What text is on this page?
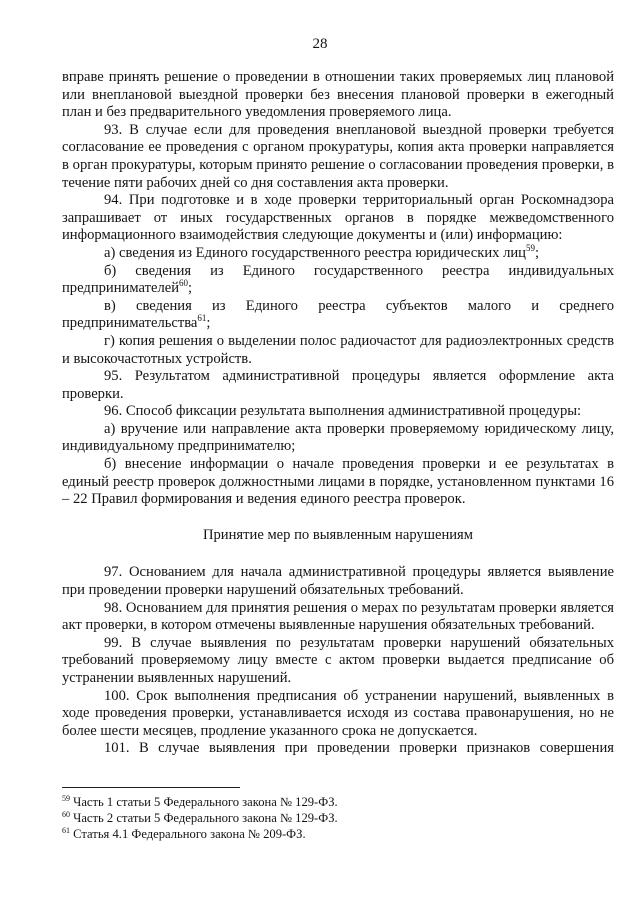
28

вправе принять решение о проведении в отношении таких проверяемых лиц плановой или внеплановой выездной проверки без внесения плановой проверки в ежегодный план и без предварительного уведомления проверяемого лица.

93. В случае если для проведения внеплановой выездной проверки требуется согласование ее проведения с органом прокуратуры, копия акта проверки направляется в орган прокуратуры, которым принято решение о согласовании проведения проверки, в течение пяти рабочих дней со дня составления акта проверки.

94. При подготовке и в ходе проверки территориальный орган Роскомнадзора запрашивает от иных государственных органов в порядке межведомственного информационного взаимодействия следующие документы и (или) информацию:

а) сведения из Единого государственного реестра юридических лиц$^{59}$;

б) сведения из Единого государственного реестра индивидуальных

предпринимателей$^{60}$;

в) сведения из Единого реестра субъектов малого и среднего

предпринимательства$^{61}$;

г) копия решения о выделении полос радиочастот для радиоэлектронных средств и высокочастотных устройств.

95. Результатом административной процедуры является оформление акта проверки.

96. Способ фиксации результата выполнения административной процедуры:

а) вручение или направление акта проверки проверяемому юридическому лицу, индивидуальному предпринимателю;

б) внесение информации о начале проведения проверки и ее результатах в единый реестр проверок должностными лицами в порядке, установленном пунктами 16 – 22 Правил формирования и ведения единого реестра проверок.

Принятие мер по выявленным нарушениям

97. Основанием для начала административной процедуры является выявление при проведении проверки нарушений обязательных требований.

98. Основанием для принятия решения о мерах по результатам проверки является акт проверки, в котором отмечены выявленные нарушения обязательных требований.

99. В случае выявления по результатам проверки нарушений обязательных требований проверяемому лицу вместе с актом проверки выдается предписание об устранении выявленных нарушений.

100. Срок выполнения предписания об устранении нарушений, выявленных в ходе проведения проверки, устанавливается исходя из состава правонарушения, но не более шести месяцев, продление указанного срока не допускается.

101. В случае выявления при проведении проверки признаков совершения

$^{59}$ Часть 1 статьи 5 Федерального закона № 129-ФЗ.

$^{60}$ Часть 2 статьи 5 Федерального закона № 129-ФЗ.

$^{61}$ Статья 4.1 Федерального закона № 209-ФЗ.
